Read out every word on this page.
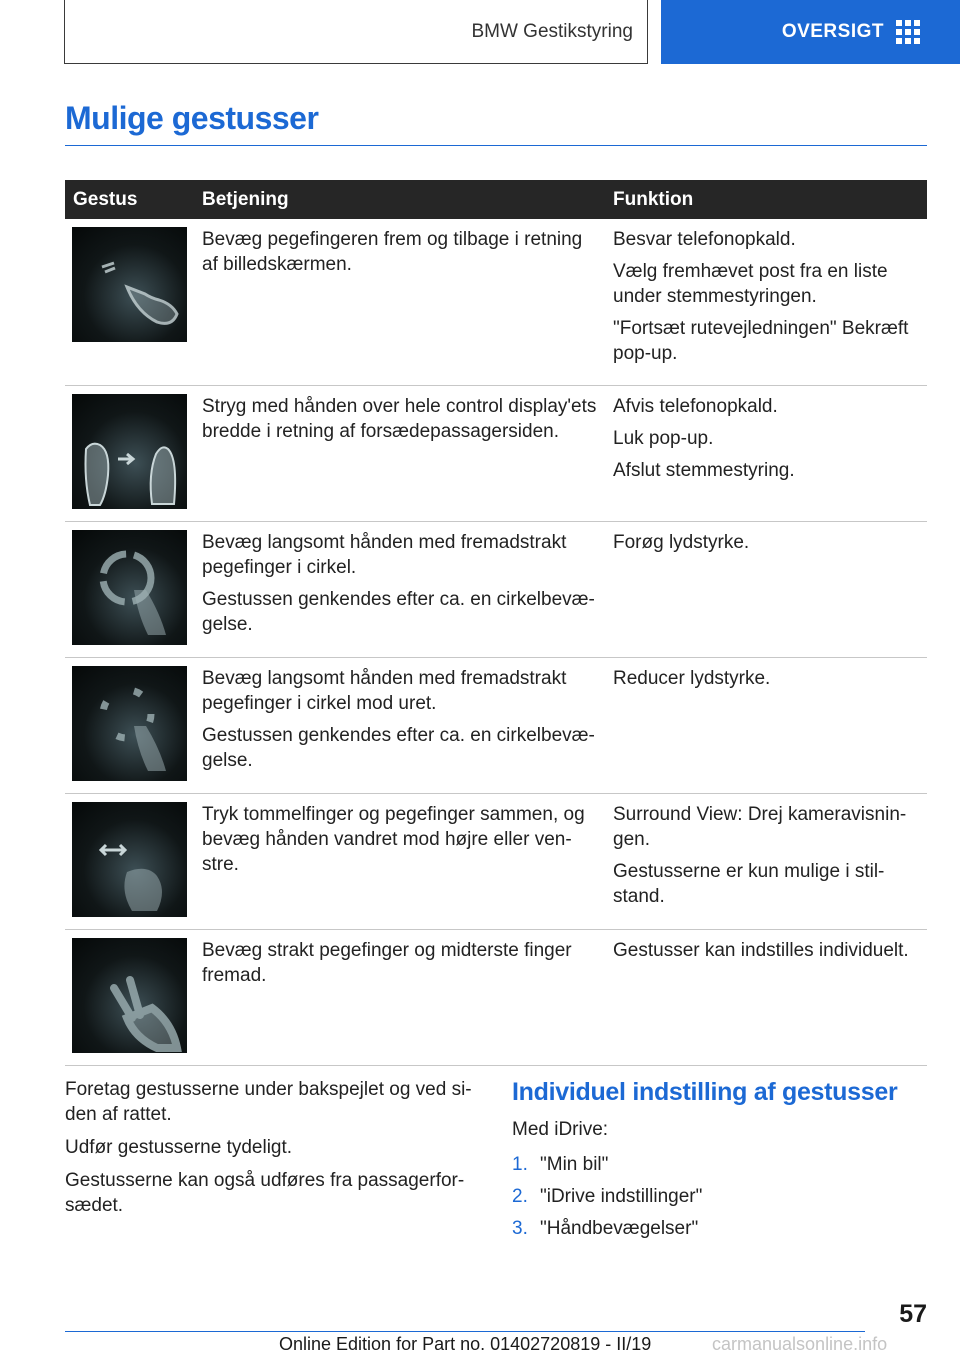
BMW Gestikstyring	OVERSIGT
Mulige gestusser
Gestus	Betjening	Funktion

Bevæg pegefingeren frem og tilbage i retning af billedskærmen.	Besvar telefonopkald.

Vælg fremhævet post fra en liste under stemmestyringen.

"Fortsæt rutevejledningen" Bekræft pop-up.

Stryg med hånden over hele control display'ets bredde i retning af forsædepassagersiden.	Afvis telefonopkald.

Luk pop-up.

Afslut stemmestyring.

Bevæg langsomt hånden med fremadstrakt pegefinger i cirkel.

Gestussen genkendes efter ca. en cirkelbevæ-gelse.	Forøg lydstyrke.

Bevæg langsomt hånden med fremadstrakt pegefinger i cirkel mod uret.

Gestussen genkendes efter ca. en cirkelbevæ-gelse.	Reducer lydstyrke.

Tryk tommelfinger og pegefinger sammen, og bevæg hånden vandret mod højre eller ven-stre.	Surround View: Drej kameravisnin-gen.

Gestusserne er kun mulige i stil-stand.

Bevæg strakt pegefinger og midterste finger fremad.	Gestusser kan indstilles individuelt.

Foretag gestusserne under bakspejlet og ved si-den af rattet.

Udfør gestusserne tydeligt.

Gestusserne kan også udføres fra passagerfor-sædet.

Individuel indstilling af gestusser

Med iDrive:

1. "Min bil"
2. "iDrive indstillinger"
3. "Håndbevægelser"
57
Online Edition for Part no. 01402720819 - II/19	carmanualsonline.info
